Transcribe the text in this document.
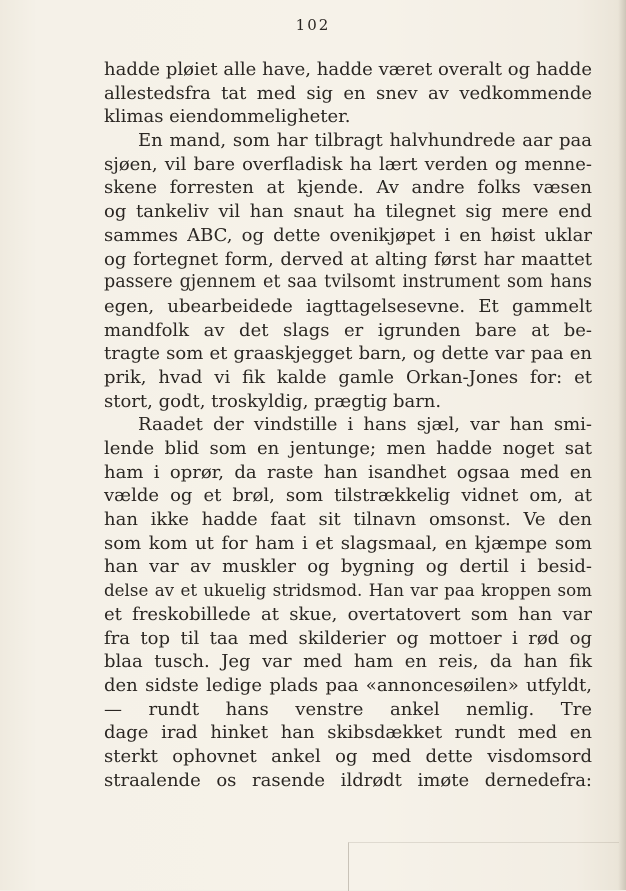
102
hadde pløiet alle have, hadde været overalt og hadde
allestedsfra tat med sig en snev av vedkommende
klimas eiendommeligheter.
En mand, som har tilbragt halvhundrede aar paa
sjøen, vil bare overfladisk ha lært verden og menne-
skene forresten at kjende. Av andre folks væsen
og tankeliv vil han snaut ha tilegnet sig mere end
sammes ABC, og dette ovenikjøpet i en høist uklar
og fortegnet form, derved at alting først har maattet
passere gjennem et saa tvilsomt instrument som hans
egen, ubearbeidede iagttagelsesevne. Et gammelt
mandfolk av det slags er igrunden bare at be-
tragte som et graaskjegget barn, og dette var paa en
prik, hvad vi fik kalde gamle Orkan-Jones for: et
stort, godt, troskyldig, prægtig barn.
Raadet der vindstille i hans sjæl, var han smi-
lende blid som en jentunge; men hadde noget sat
ham i oprør, da raste han isandhet ogsaa med en
vælde og et brøl, som tilstrækkelig vidnet om, at
han ikke hadde faat sit tilnavn omsonst. Ve den
som kom ut for ham i et slagsmaal, en kjæmpe som
han var av muskler og bygning og dertil i besid-
delse av et ukuelig stridsmod. Han var paa kroppen som
et freskobillede at skue, overtatovert som han var
fra top til taa med skilderier og mottoer i rød og
blaa tusch. Jeg var med ham en reis, da han fik
den sidste ledige plads paa «annoncesøilen» utfyldt,
— rundt hans venstre ankel nemlig. Tre
dage irad hinket han skibsdækket rundt med en
sterkt ophovnet ankel og med dette visdomsord
straalende os rasende ildrødt imøte dernedefra:
